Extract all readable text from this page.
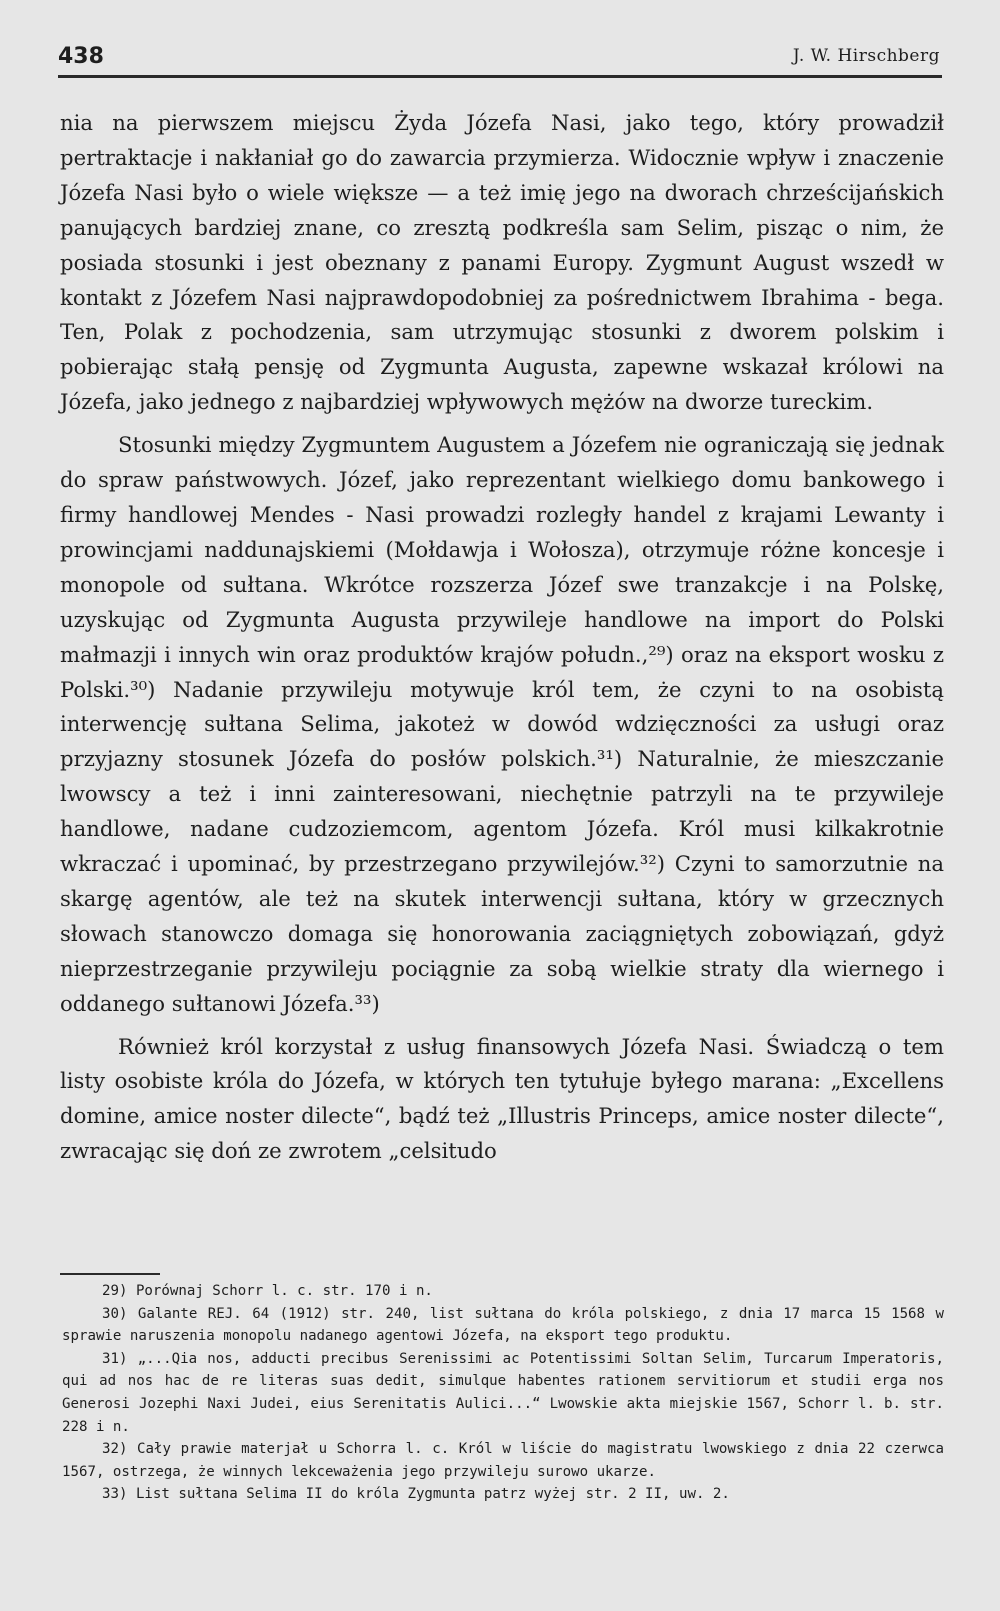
438	J. W. Hirschberg

nia na pierwszem miejscu Żyda Józefa Nasi, jako tego, który prowadził pertraktacje i nakłaniał go do zawarcia przymierza. Widocznie wpływ i znaczenie Józefa Nasi było o wiele większe — a też imię jego na dworach chrześcijańskich panujących bardziej znane, co zresztą podkreśla sam Selim, pisząc o nim, że posiada stosunki i jest obeznany z panami Europy. Zygmunt August wszedł w kontakt z Józefem Nasi najprawdopodobniej za pośrednictwem Ibrahima - bega. Ten, Polak z pochodzenia, sam utrzymując stosunki z dworem polskim i pobierając stałą pensję od Zygmunta Augusta, zapewne wskazał królowi na Józefa, jako jednego z najbardziej wpływowych mężów na dworze tureckim.

Stosunki między Zygmuntem Augustem a Józefem nie ograniczają się jednak do spraw państwowych. Józef, jako reprezentant wielkiego domu bankowego i firmy handlowej Mendes - Nasi prowadzi rozległy handel z krajami Lewanty i prowincjami naddunajskiemi (Mołdawja i Wołosza), otrzymuje różne koncesje i monopole od sułtana. Wkrótce rozszerza Józef swe tranzakcje i na Polskę, uzyskując od Zygmunta Augusta przywileje handlowe na import do Polski małmazji i innych win oraz produktów krajów połudn.,²⁹) oraz na eksport wosku z Polski.³⁰) Nadanie przywileju motywuje król tem, że czyni to na osobistą interwencję sułtana Selima, jakoteż w dowód wdzięczności za usługi oraz przyjazny stosunek Józefa do posłów polskich.³¹) Naturalnie, że mieszczanie lwowscy a też i inni zainteresowani, niechętnie patrzyli na te przywileje handlowe, nadane cudzoziemcom, agentom Józefa. Król musi kilkakrotnie wkraczać i upominać, by przestrzegano przywilejów.³²) Czyni to samorzutnie na skargę agentów, ale też na skutek interwencji sułtana, który w grzecznych słowach stanowczo domaga się honorowania zaciągniętych zobowiązań, gdyż nieprzestrzeganie przywileju pociągnie za sobą wielkie straty dla wiernego i oddanego sułtanowi Józefa.³³)

Również król korzystał z usług finansowych Józefa Nasi. Świadczą o tem listy osobiste króla do Józefa, w których ten tytułuje byłego marana: „Excellens domine, amice noster dilecte“, bądź też „Illustris Princeps, amice noster dilecte“, zwracając się doń ze zwrotem „celsitudo

29) Porównaj Schorr l. c. str. 170 i n.

30) Galante REJ. 64 (1912) str. 240, list sułtana do króla polskiego, z dnia 17 marca 15 1568 w sprawie naruszenia monopolu nadanego agentowi Józefa, na eksport tego produktu.

31) „...Qia nos, adducti precibus Serenissimi ac Potentissimi Soltan Selim, Turcarum Imperatoris, qui ad nos hac de re literas suas dedit, simulque habentes rationem servitiorum et studii erga nos Generosi Jozephi Naxi Judei, eius Serenitatis Aulici...“ Lwowskie akta miejskie 1567, Schorr l. b. str. 228 i n.

32) Cały prawie materjał u Schorra l. c. Król w liście do magistratu lwowskiego z dnia 22 czerwca 1567, ostrzega, że winnych lekceważenia jego przywileju surowo ukarze.

33) List sułtana Selima II do króla Zygmunta patrz wyżej str. 2 II, uw. 2.
